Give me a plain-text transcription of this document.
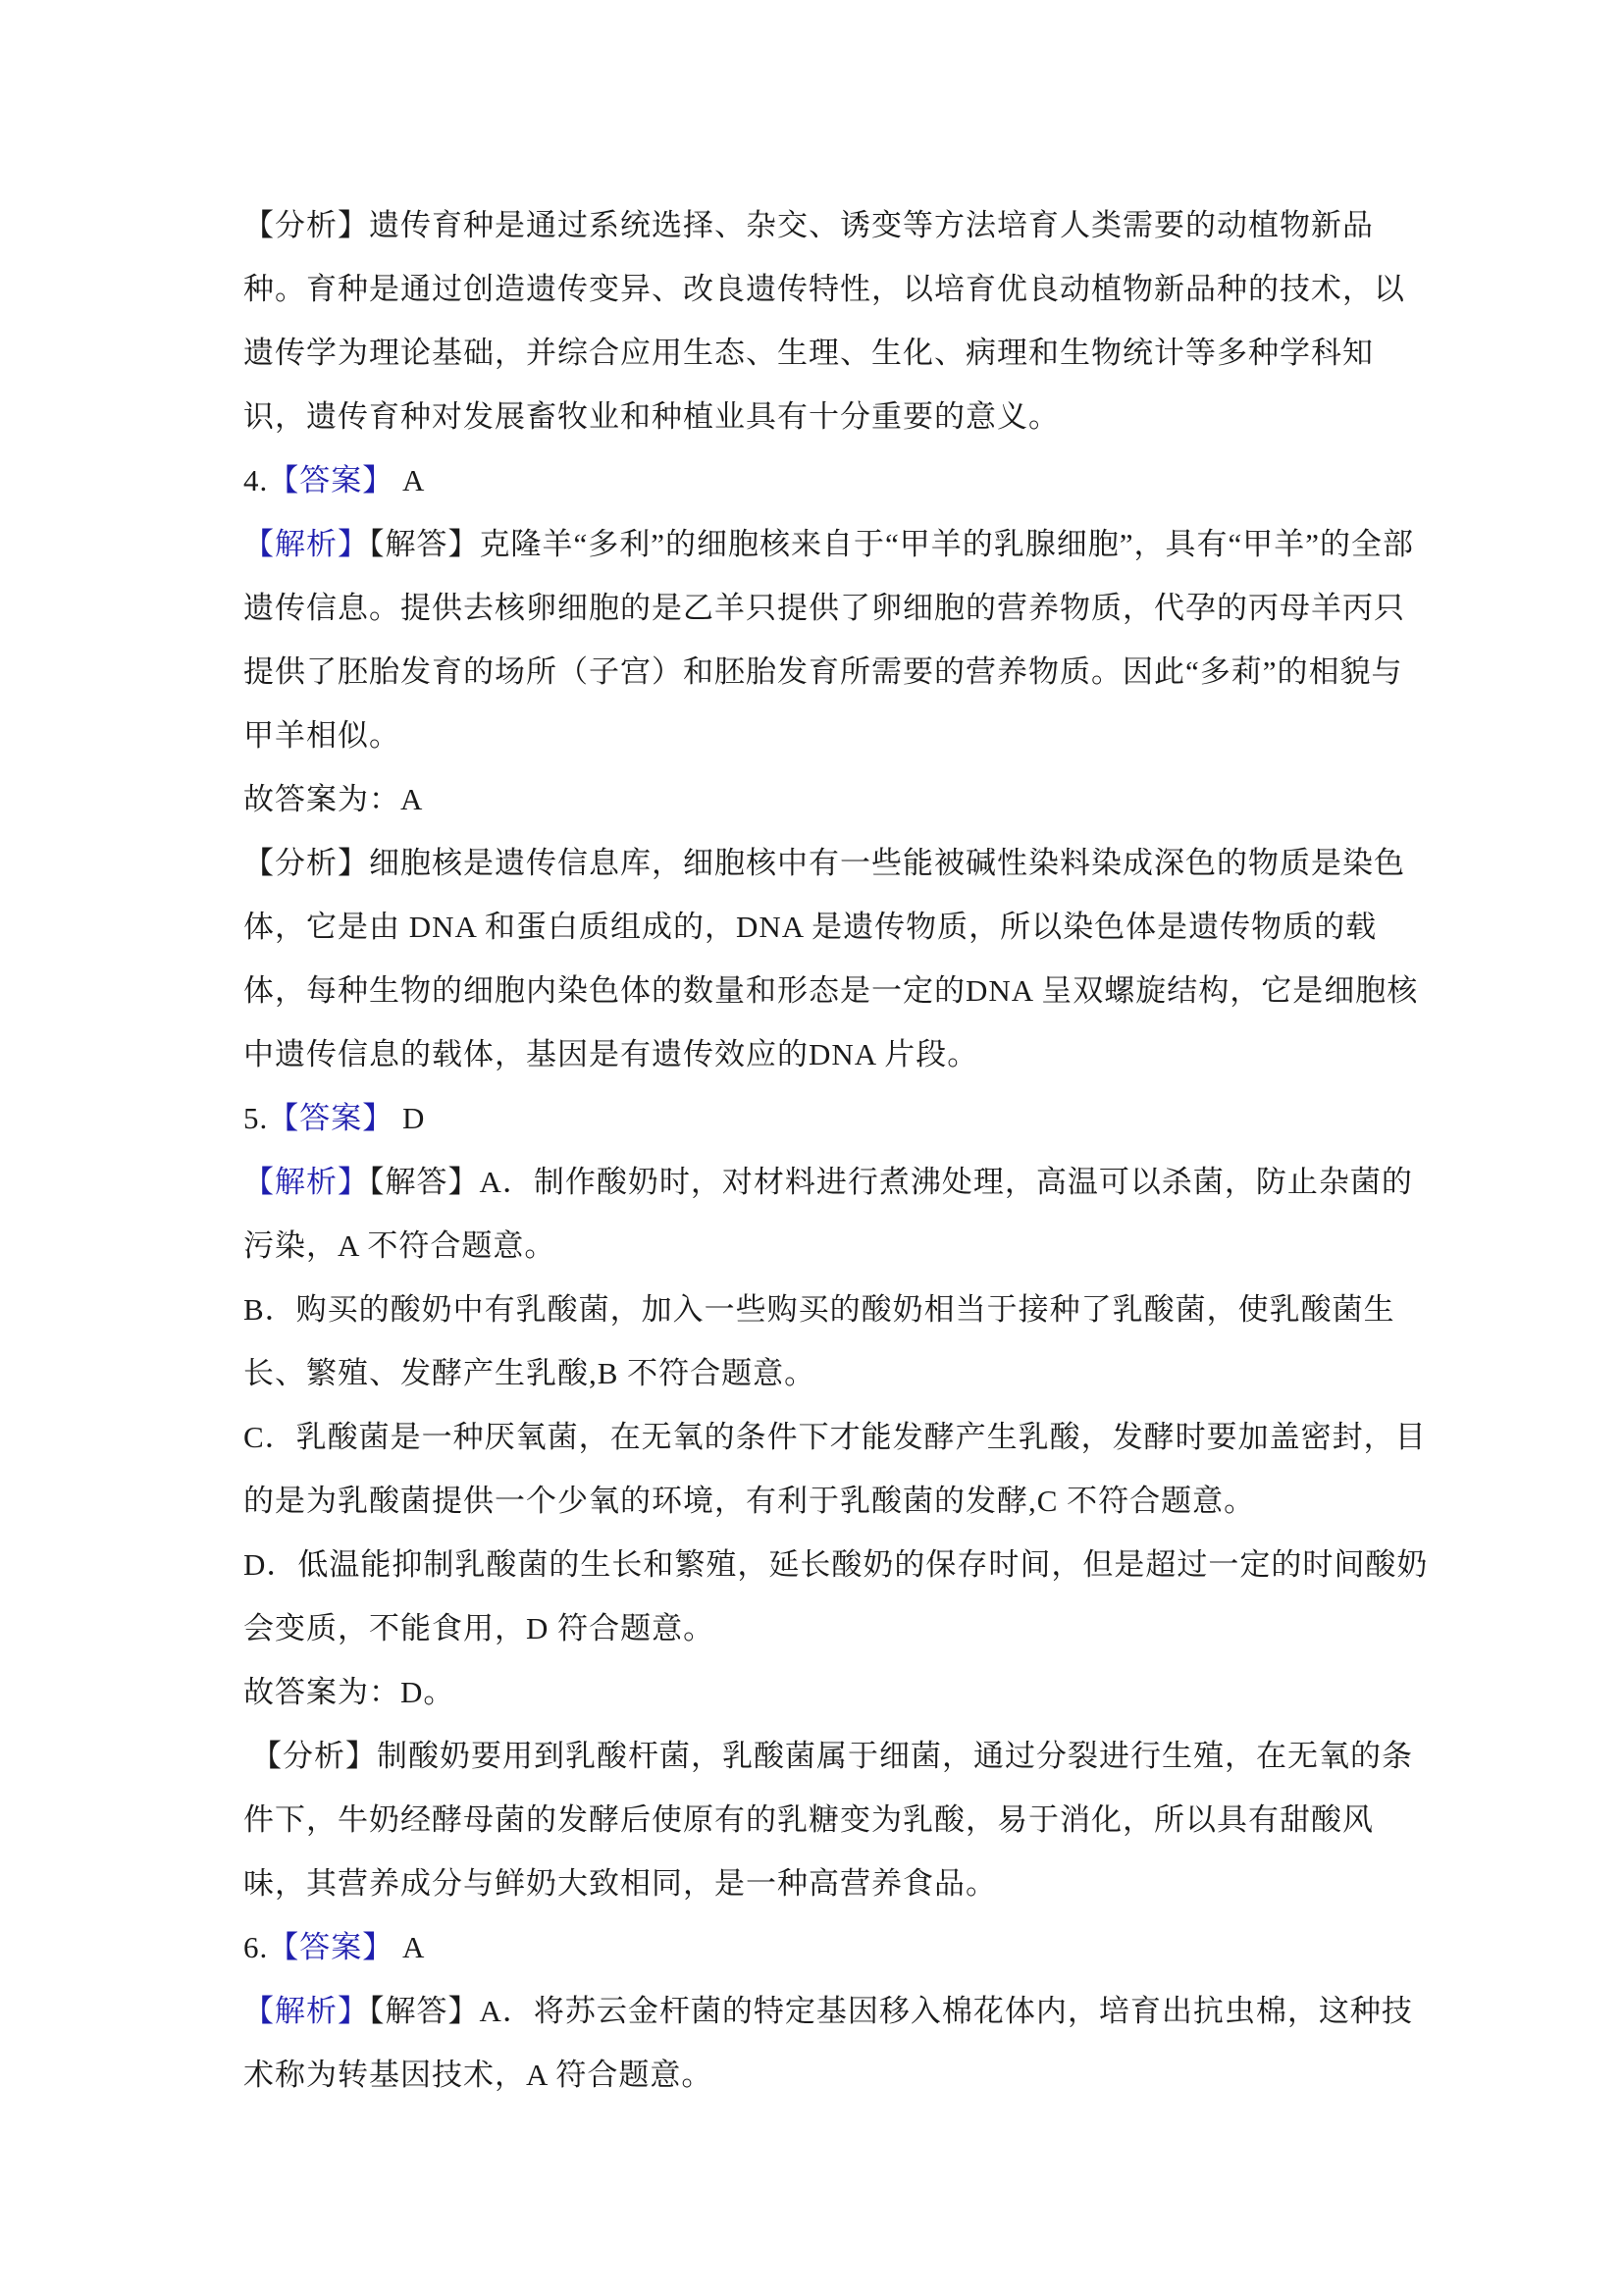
【分析】遗传育种是通过系统选择、杂交、诱变等方法培育人类需要的动植物新品
种。育种是通过创造遗传变异、改良遗传特性，以培育优良动植物新品种的技术，以
遗传学为理论基础，并综合应用生态、生理、生化、病理和生物统计等多种学科知
识，遗传育种对发展畜牧业和种植业具有十分重要的意义。
4.【答案】 A
【解析】【解答】克隆羊“多利”的细胞核来自于“甲羊的乳腺细胞”，具有“甲羊”的全部
遗传信息。提供去核卵细胞的是乙羊只提供了卵细胞的营养物质，代孕的丙母羊丙只
提供了胚胎发育的场所（子宫）和胚胎发育所需要的营养物质。因此“多莉”的相貌与
甲羊相似。
故答案为：A
【分析】细胞核是遗传信息库，细胞核中有一些能被碱性染料染成深色的物质是染色
体，它是由 DNA 和蛋白质组成的，DNA 是遗传物质，所以染色体是遗传物质的载
体，每种生物的细胞内染色体的数量和形态是一定的DNA 呈双螺旋结构，它是细胞核
中遗传信息的载体，基因是有遗传效应的DNA 片段。
5.【答案】 D
【解析】【解答】A．制作酸奶时，对材料进行煮沸处理，高温可以杀菌，防止杂菌的
污染，A 不符合题意。
B．购买的酸奶中有乳酸菌，加入一些购买的酸奶相当于接种了乳酸菌，使乳酸菌生
长、繁殖、发酵产生乳酸,B 不符合题意。
C．乳酸菌是一种厌氧菌，在无氧的条件下才能发酵产生乳酸，发酵时要加盖密封，目
的是为乳酸菌提供一个少氧的环境，有利于乳酸菌的发酵,C 不符合题意。
D．低温能抑制乳酸菌的生长和繁殖，延长酸奶的保存时间，但是超过一定的时间酸奶
会变质，不能食用，D 符合题意。
故答案为：D。
【分析】制酸奶要用到乳酸杆菌，乳酸菌属于细菌，通过分裂进行生殖，在无氧的条
件下，牛奶经酵母菌的发酵后使原有的乳糖变为乳酸，易于消化，所以具有甜酸风
味，其营养成分与鲜奶大致相同，是一种高营养食品。
6.【答案】 A
【解析】【解答】A．将苏云金杆菌的特定基因移入棉花体内，培育出抗虫棉，这种技
术称为转基因技术，A 符合题意。
